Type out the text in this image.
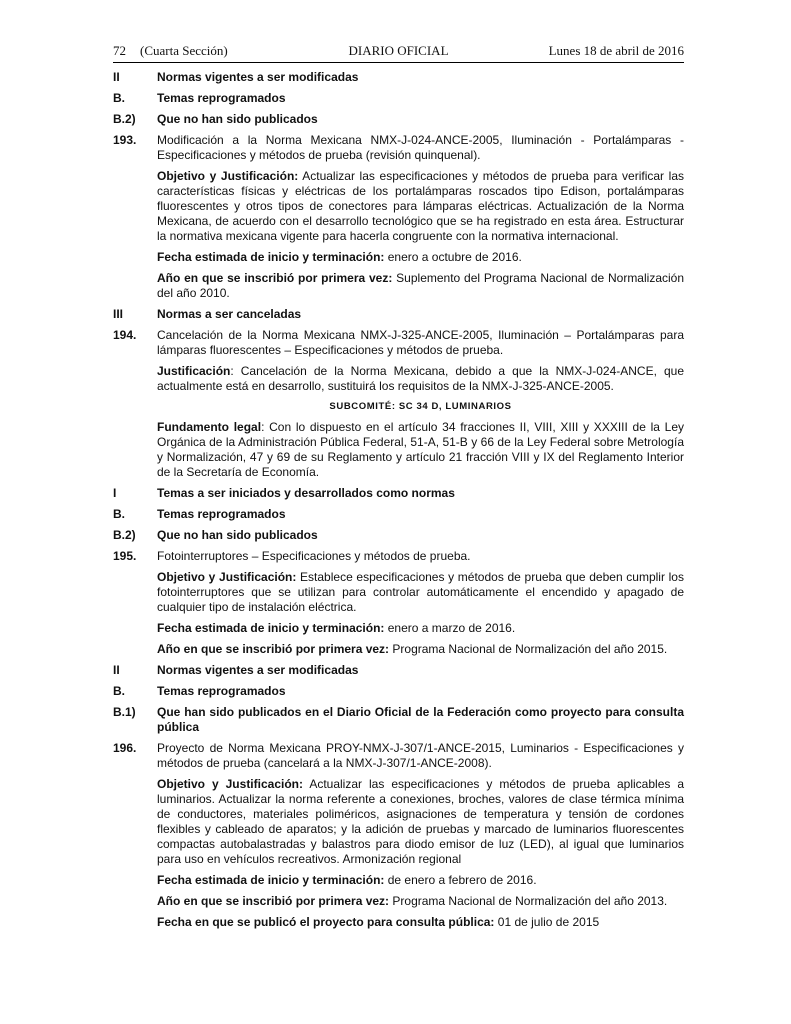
72 (Cuarta Sección)	DIARIO OFICIAL	Lunes 18 de abril de 2016
II	Normas vigentes a ser modificadas
B.	Temas reprogramados
B.2)	Que no han sido publicados
193.	Modificación a la Norma Mexicana NMX-J-024-ANCE-2005, Iluminación - Portalámparas - Especificaciones y métodos de prueba (revisión quinquenal).
Objetivo y Justificación: Actualizar las especificaciones y métodos de prueba para verificar las características físicas y eléctricas de los portalámparas roscados tipo Edison, portalámparas fluorescentes y otros tipos de conectores para lámparas eléctricas. Actualización de la Norma Mexicana, de acuerdo con el desarrollo tecnológico que se ha registrado en esta área. Estructurar la normativa mexicana vigente para hacerla congruente con la normativa internacional.
Fecha estimada de inicio y terminación: enero a octubre de 2016.
Año en que se inscribió por primera vez: Suplemento del Programa Nacional de Normalización del año 2010.
III	Normas a ser canceladas
194.	Cancelación de la Norma Mexicana NMX-J-325-ANCE-2005, Iluminación – Portalámparas para lámparas fluorescentes – Especificaciones y métodos de prueba.
Justificación: Cancelación de la Norma Mexicana, debido a que la NMX-J-024-ANCE, que actualmente está en desarrollo, sustituirá los requisitos de la NMX-J-325-ANCE-2005.
SUBCOMITÉ: SC 34 D, LUMINARIOS
Fundamento legal: Con lo dispuesto en el artículo 34 fracciones II, VIII, XIII y XXXIII de la Ley Orgánica de la Administración Pública Federal, 51-A, 51-B y 66 de la Ley Federal sobre Metrología y Normalización, 47 y 69 de su Reglamento y artículo 21 fracción VIII y IX del Reglamento Interior de la Secretaría de Economía.
I	Temas a ser iniciados y desarrollados como normas
B.	Temas reprogramados
B.2)	Que no han sido publicados
195.	Fotointerruptores – Especificaciones y métodos de prueba.
Objetivo y Justificación: Establece especificaciones y métodos de prueba que deben cumplir los fotointerruptores que se utilizan para controlar automáticamente el encendido y apagado de cualquier tipo de instalación eléctrica.
Fecha estimada de inicio y terminación: enero a marzo de 2016.
Año en que se inscribió por primera vez: Programa Nacional de Normalización del año 2015.
II	Normas vigentes a ser modificadas
B.	Temas reprogramados
B.1)	Que han sido publicados en el Diario Oficial de la Federación como proyecto para consulta pública
196.	Proyecto de Norma Mexicana PROY-NMX-J-307/1-ANCE-2015, Luminarios - Especificaciones y métodos de prueba (cancelará a la NMX-J-307/1-ANCE-2008).
Objetivo y Justificación: Actualizar las especificaciones y métodos de prueba aplicables a luminarios. Actualizar la norma referente a conexiones, broches, valores de clase térmica mínima de conductores, materiales poliméricos, asignaciones de temperatura y tensión de cordones flexibles y cableado de aparatos; y la adición de pruebas y marcado de luminarios fluorescentes compactas autobalastradas y balastros para diodo emisor de luz (LED), al igual que luminarios para uso en vehículos recreativos. Armonización regional
Fecha estimada de inicio y terminación: de enero a febrero de 2016.
Año en que se inscribió por primera vez: Programa Nacional de Normalización del año 2013.
Fecha en que se publicó el proyecto para consulta pública: 01 de julio de 2015
